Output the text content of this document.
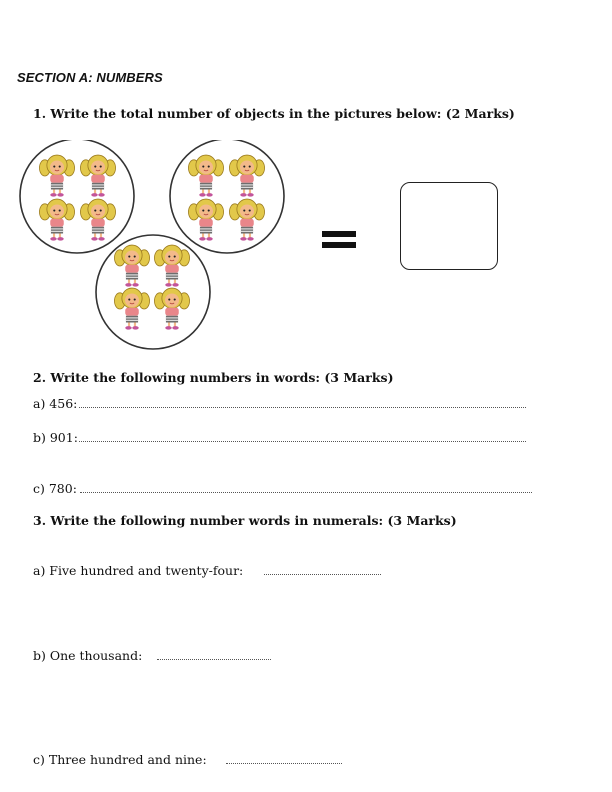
SECTION A: NUMBERS
1. Write the total number of objects in the pictures below: (2 Marks)
2. Write the following numbers in words: (3 Marks)
a) 456:
b) 901:
c) 780:
3. Write the following number words in numerals: (3 Marks)
a) Five hundred and twenty-four:
b) One thousand:
c) Three hundred and nine:
